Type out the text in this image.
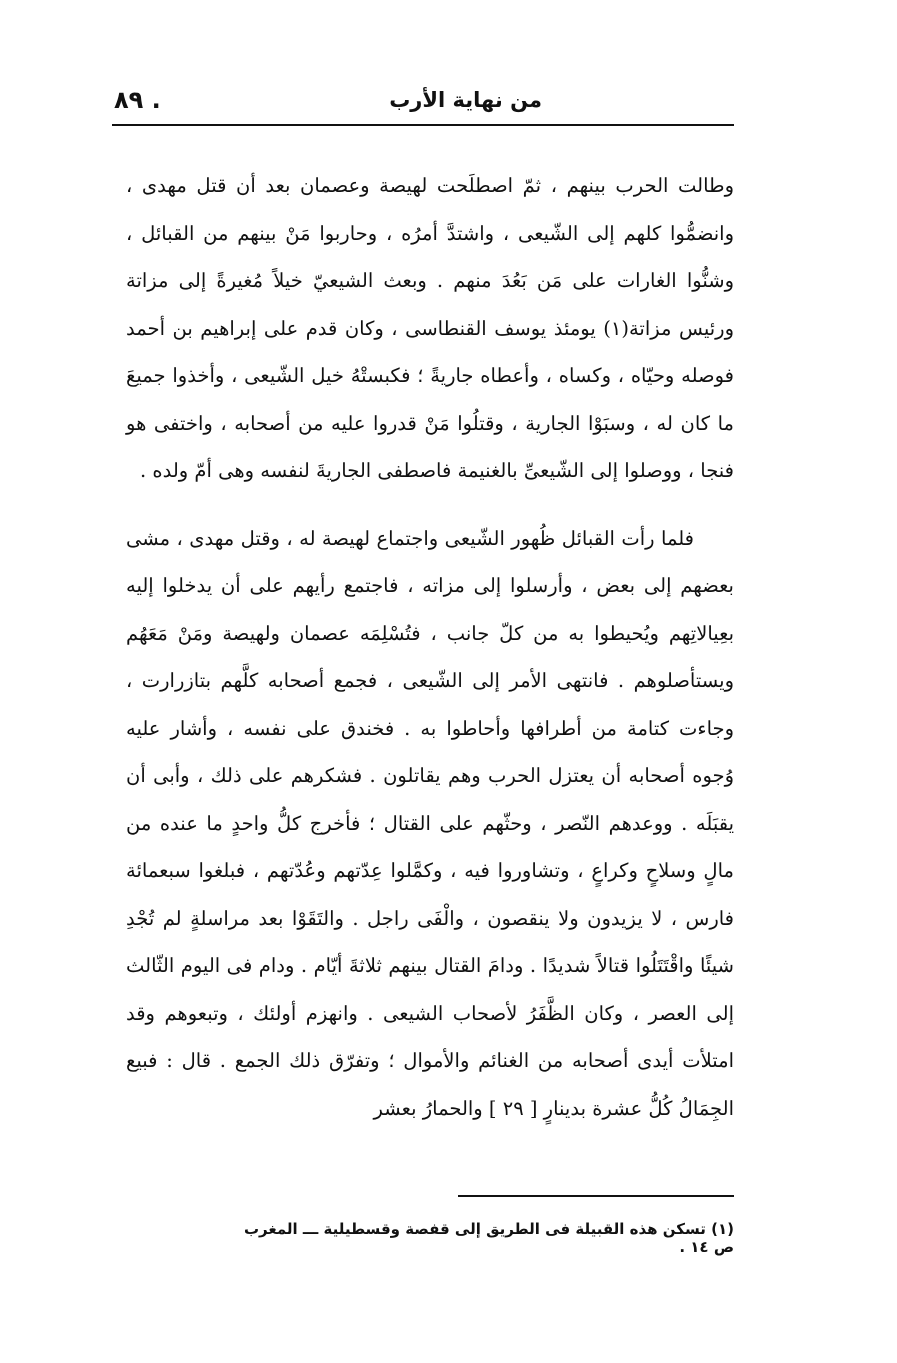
من نهاية الأرب
٨٩ .

وطالت الحرب بينهم ، ثمّ اصطلَحت لهيصة وعصمان بعد أن قتل مهدى ، وانضمُّوا كلهم إلى الشّيعى ، واشتدَّ أمرُه ، وحاربوا مَنْ بينهم من القبائل ، وشنُّوا الغارات على مَن بَعُدَ منهم . وبعث الشيعيّ خيلاً مُغيرةً إلى مزاتة ورئيس مزاتة(١) يومئذ يوسف القنطاسى ، وكان قدم على إبراهيم بن أحمد فوصله وحيّاه ، وكساه ، وأعطاه جاريةً ؛ فكبستْهُ خيل الشّيعى ، وأخذوا جميعَ ما كان له ، وسبَوْا الجارية ، وقتلُوا مَنْ قدروا عليه من أصحابه ، واختفى هو فنجا ، ووصلوا إلى الشّيعىِّ بالغنيمة فاصطفى الجاريةَ لنفسه وهى أمّ ولده .

فلما رأت القبائل ظُهور الشّيعى واجتماع لهيصة له ، وقتل مهدى ، مشى بعضهم إلى بعض ، وأرسلوا إلى مزاته ، فاجتمع رأيهم على أن يدخلوا إليه بعِيالاتِهم ويُحيطوا به من كلّ جانب ، فتُسْلِمَه عصمان ولهيصة ومَنْ مَعَهُم ويستأصلوهم . فانتهى الأمر إلى الشّيعى ، فجمع أصحابه كلَّهم بتازرارت ، وجاءت كتامة من أطرافها وأحاطوا به . فخندق على نفسه ، وأشار عليه وُجوه أصحابه أن يعتزل الحرب وهم يقاتلون . فشكرهم على ذلك ، وأبى أن يقبَلَه . ووعدهم النّصر ، وحثّهم على القتال ؛ فأخرج كلُّ واحدٍ ما عنده من مالٍ وسلاحٍ وكراعٍ ، وتشاوروا فيه ، وكمَّلوا عِدّتهم وعُدّتهم ، فبلغوا سبعمائة فارس ، لا يزيدون ولا ينقصون ، والْفَى راجل . والتَقَوْا بعد مراسلةٍ لم تُجْدِ شيئًا واقْتَتَلُوا قتالاً شديدًا . ودامَ القتال بينهم ثلاثةَ أيّام . ودام فى اليوم الثّالث إلى العصر ، وكان الظَّفَرُ لأصحاب الشيعى . وانهزم أولئك ، وتبعوهم وقد امتلأت أيدى أصحابه من الغنائم والأموال ؛ وتفرّق ذلك الجمع . قال : فبيع الجِمَالُ كُلُّ عشرة بدينارٍ [ ٢٩ ] والحمارُ بعشر

(١) تسكن هذه القبيلة فى الطريق إلى قفصة وقسطيلية ـــ المغرب ص ١٤ .
